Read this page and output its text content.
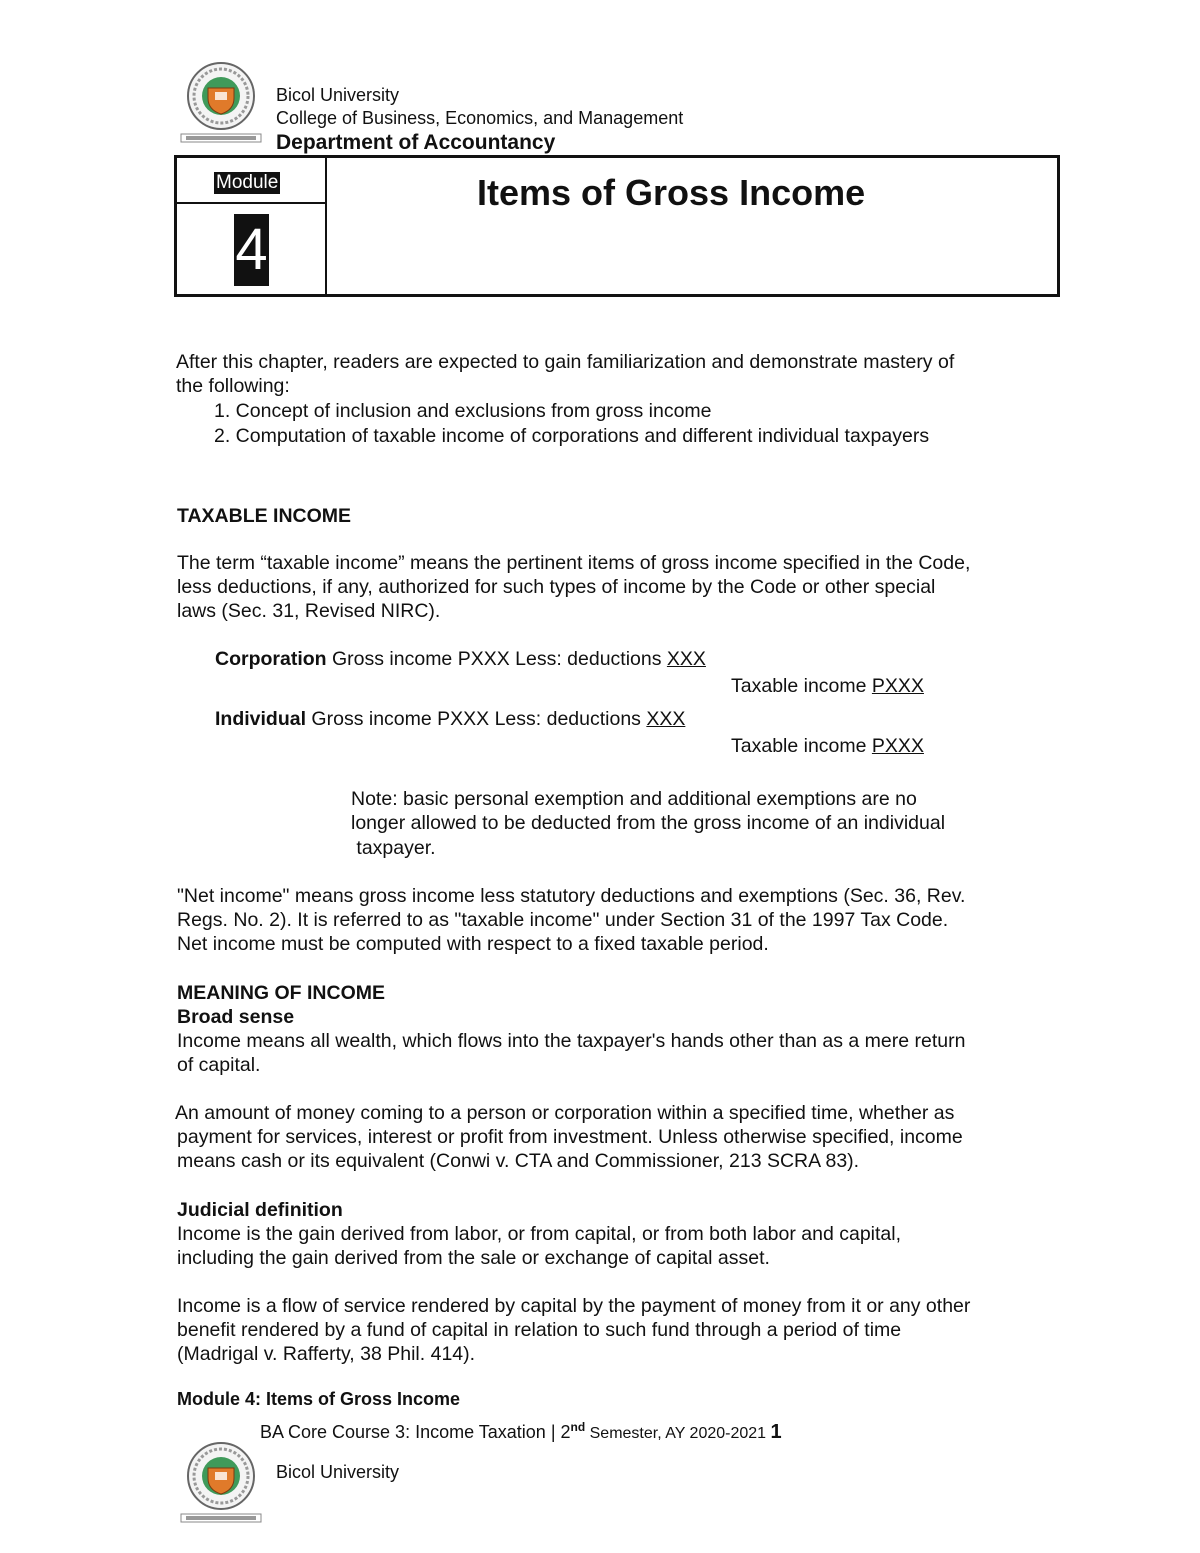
Bicol University
College of Business, Economics, and Management
Department of Accountancy
Module
4
Items of Gross Income
After this chapter, readers are expected to gain familiarization and demonstrate mastery of
the following:
1. Concept of inclusion and exclusions from gross income
2. Computation of taxable income of corporations and different individual taxpayers
TAXABLE INCOME
The term “taxable income” means the pertinent items of gross income specified in the Code,
less deductions, if any, authorized for such types of income by the Code or other special
laws (Sec. 31, Revised NIRC).
Corporation Gross income PXXX Less: deductions XXX
Taxable income PXXX
Individual Gross income PXXX Less: deductions XXX
Taxable income PXXX
Note: basic personal exemption and additional exemptions are no
longer allowed to be deducted from the gross income of an individual
taxpayer.
"Net income" means gross income less statutory deductions and exemptions (Sec. 36, Rev.
Regs. No. 2). It is referred to as "taxable income" under Section 31 of the 1997 Tax Code.
Net income must be computed with respect to a fixed taxable period.
MEANING OF INCOME
Broad sense
Income means all wealth, which flows into the taxpayer's hands other than as a mere return
of capital.
An amount of money coming to a person or corporation within a specified time, whether as
payment for services, interest or profit from investment. Unless otherwise specified, income
means cash or its equivalent (Conwi v. CTA and Commissioner, 213 SCRA 83).
Judicial definition
Income is the gain derived from labor, or from capital, or from both labor and capital,
including the gain derived from the sale or exchange of capital asset.
Income is a flow of service rendered by capital by the payment of money from it or any other
benefit rendered by a fund of capital in relation to such fund through a period of time
(Madrigal v. Rafferty, 38 Phil. 414).
Module 4: Items of Gross Income
BA Core Course 3: Income Taxation | 2nd Semester, AY 2020-2021 1
Bicol University
